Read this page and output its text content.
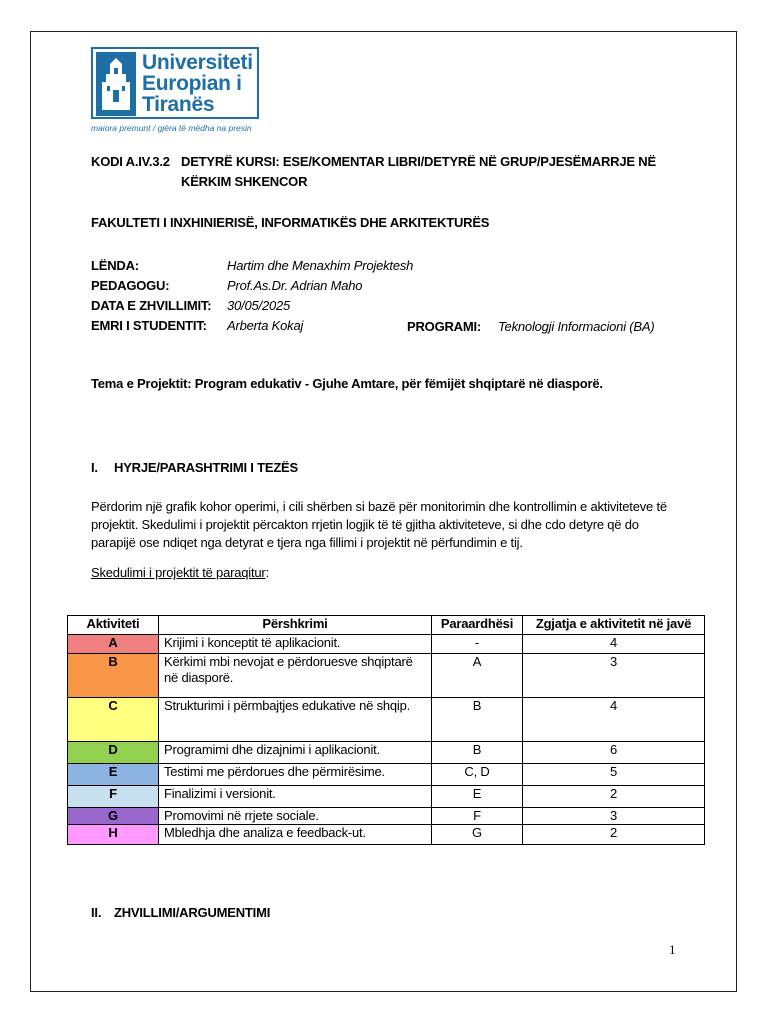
Universiteti
Europian i
Tiranës
maiora premunt / gjëra të mëdha na presin
KODI A.IV.3.2 DETYRË KURSI: ESE/KOMENTAR LIBRI/DETYRË NË GRUP/PJESËMARRJE NË
KËRKIM SHKENCOR
FAKULTETI I INXHINIERISË, INFORMATIKËS DHE ARKITEKTURËS
LËNDA:	Hartim dhe Menaxhim Projektesh
PEDAGOGU:	Prof.As.Dr. Adrian Maho
DATA E ZHVILLIMIT:	30/05/2025
EMRI I STUDENTIT:	Arberta Kokaj	PROGRAMI: Teknologji Informacioni (BA)
Tema e Projektit: Program edukativ - Gjuhe Amtare, për fëmijët shqiptarë në diasporë.
I. HYRJE/PARASHTRIMI I TEZËS
Përdorim një grafik kohor operimi, i cili shërben si bazë për monitorimin dhe kontrollimin e aktiviteteve të
projektit. Skedulimi i projektit përcakton rrjetin logjik të të gjitha aktiviteteve, si dhe cdo detyre që do
parapijë ose ndiqet nga detyrat e tjera nga fillimi i projektit në përfundimin e tij.
Skedulimi i projektit të paraqitur:
Aktiviteti	Përshkrimi	Paraardhësi	Zgjatja e aktivitetit në javë
A	Krijimi i konceptit të aplikacionit.	-	4
B	Kërkimi mbi nevojat e përdoruesve shqiptarë në diasporë.	A	3
C	Strukturimi i përmbajtjes edukative në shqip.	B	4
D	Programimi dhe dizajnimi i aplikacionit.	B	6
E	Testimi me përdorues dhe përmirësime.	C, D	5
F	Finalizimi i versionit.	E	2
G	Promovimi në rrjete sociale.	F	3
H	Mbledhja dhe analiza e feedback-ut.	G	2
II. ZHVILLIMI/ARGUMENTIMI
1
